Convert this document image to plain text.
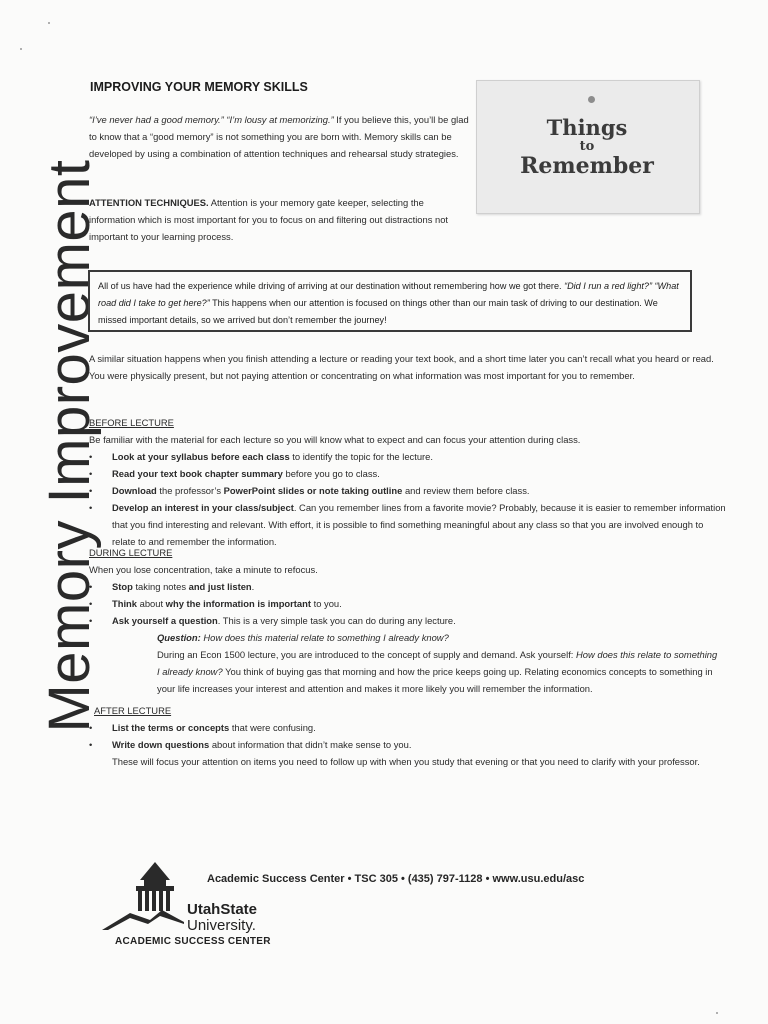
Memory Improvement
IMPROVING YOUR MEMORY SKILLS
“I’ve never had a good memory.” “I’m lousy at memorizing.” If you believe this, you’ll be glad to know that a “good memory” is not something you are born with. Memory skills can be developed by using a combination of attention techniques and rehearsal study strategies.
ATTENTION TECHNIQUES. Attention is your memory gate keeper, selecting the information which is most important for you to focus on and filtering out distractions not important to your learning process.
Things
to
Remember

All of us have had the experience while driving of arriving at our destination without remembering how we got there. “Did I run a red light?” “What road did I take to get here?” This happens when our attention is focused on things other than our main task of driving to our destination. We missed important details, so we arrived but don’t remember the journey!

A similar situation happens when you finish attending a lecture or reading your text book, and a short time later you can’t recall what you heard or read. You were physically present, but not paying attention or concentrating on what information was most important for you to remember.
BEFORE LECTURE
Be familiar with the material for each lecture so you will know what to expect and can focus your attention during class.
• Look at your syllabus before each class to identify the topic for the lecture.
• Read your text book chapter summary before you go to class.
• Download the professor’s PowerPoint slides or note taking outline and review them before class.
• Develop an interest in your class/subject. Can you remember lines from a favorite movie? Probably, because it is easier to remember information that you find interesting and relevant. With effort, it is possible to find something meaningful about any class so that you are involved enough to relate to and remember the information.
DURING LECTURE
When you lose concentration, take a minute to refocus.
• Stop taking notes and just listen.
• Think about why the information is important to you.
• Ask yourself a question. This is a very simple task you can do during any lecture.
Question: How does this material relate to something I already know?
During an Econ 1500 lecture, you are introduced to the concept of supply and demand. Ask yourself: How does this relate to something I already know? You think of buying gas that morning and how the price keeps going up. Relating economics concepts to something in your life increases your interest and attention and makes it more likely you will remember the information.
AFTER LECTURE
• List the terms or concepts that were confusing.
• Write down questions about information that didn’t make sense to you.
These will focus your attention on items you need to follow up with when you study that evening or that you need to clarify with your professor.
UtahState
University.
ACADEMIC SUCCESS CENTER
Academic Success Center • TSC 305 • (435) 797-1128 • www.usu.edu/asc
